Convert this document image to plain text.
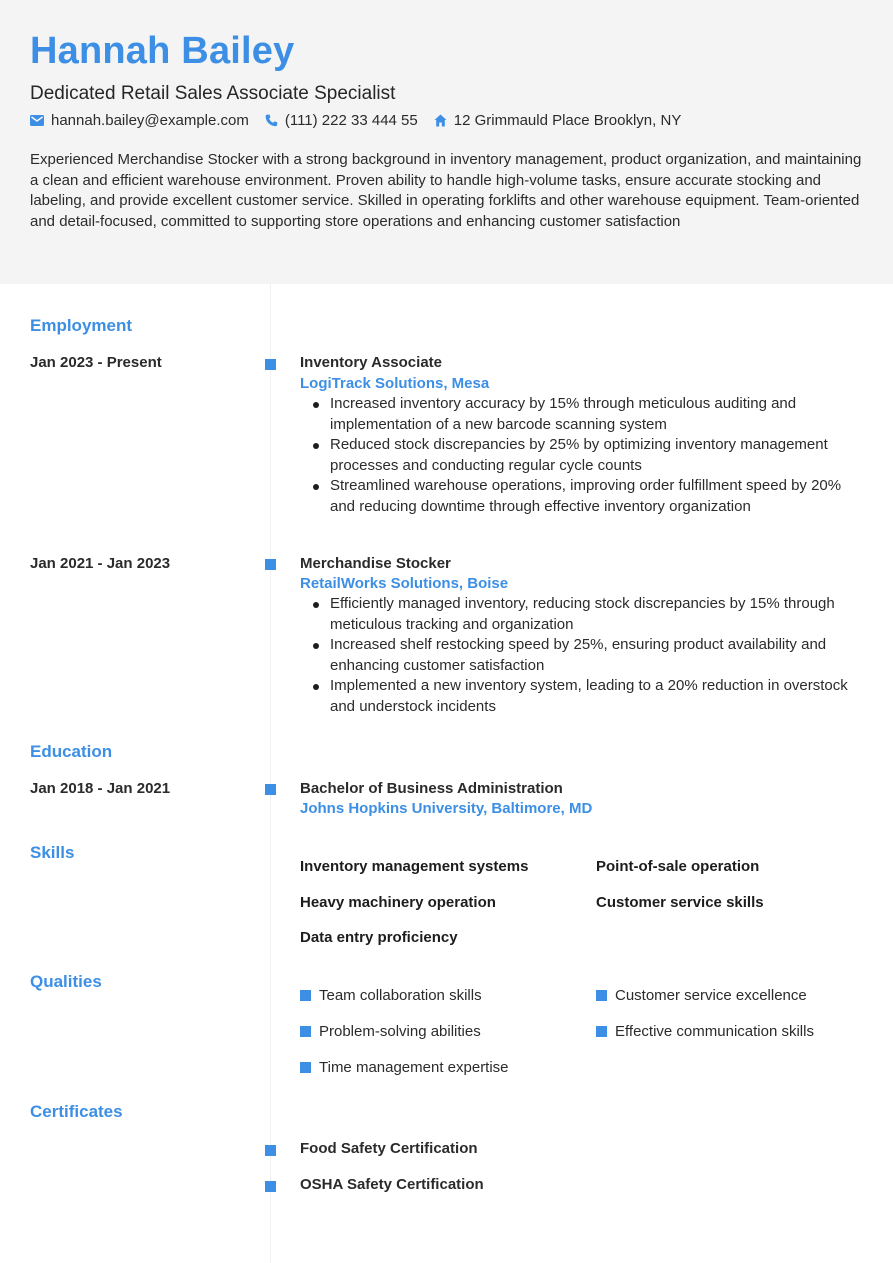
Hannah Bailey
Dedicated Retail Sales Associate Specialist
hannah.bailey@example.com (111) 222 33 444 55 12 Grimmauld Place Brooklyn, NY

Experienced Merchandise Stocker with a strong background in inventory management, product organization, and maintaining a clean and efficient warehouse environment. Proven ability to handle high-volume tasks, ensure accurate stocking and labeling, and provide excellent customer service. Skilled in operating forklifts and other warehouse equipment. Team-oriented and detail-focused, committed to supporting store operations and enhancing customer satisfaction

Employment
Jan 2023 - Present	Inventory Associate
LogiTrack Solutions, Mesa
Increased inventory accuracy by 15% through meticulous auditing and implementation of a new barcode scanning system
Reduced stock discrepancies by 25% by optimizing inventory management processes and conducting regular cycle counts
Streamlined warehouse operations, improving order fulfillment speed by 20% and reducing downtime through effective inventory organization
Jan 2021 - Jan 2023	Merchandise Stocker
RetailWorks Solutions, Boise
Efficiently managed inventory, reducing stock discrepancies by 15% through meticulous tracking and organization
Increased shelf restocking speed by 25%, ensuring product availability and enhancing customer satisfaction
Implemented a new inventory system, leading to a 20% reduction in overstock and understock incidents
Education
Jan 2018 - Jan 2021	Bachelor of Business Administration
Johns Hopkins University, Baltimore, MD
Skills
Inventory management systems	Point-of-sale operation
Heavy machinery operation	Customer service skills
Data entry proficiency
Qualities
Team collaboration skills	Customer service excellence
Problem-solving abilities	Effective communication skills
Time management expertise
Certificates
Food Safety Certification
OSHA Safety Certification
